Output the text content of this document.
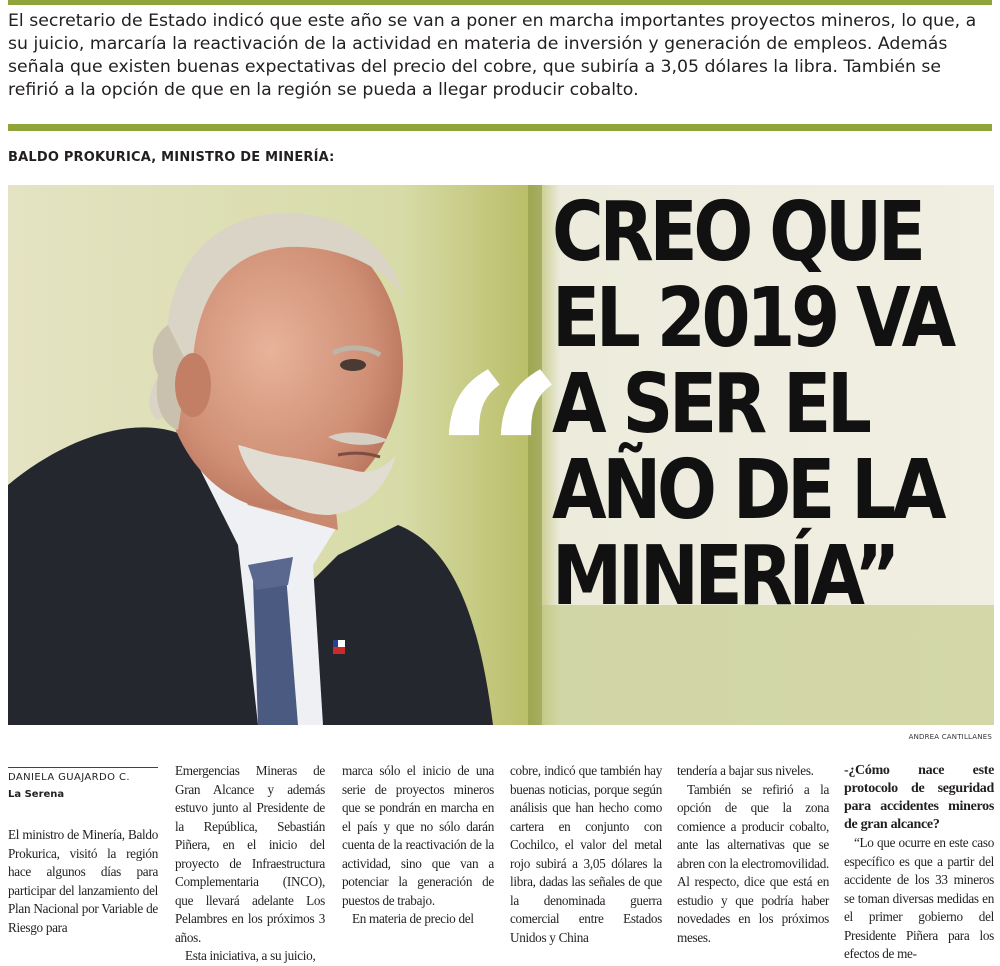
El secretario de Estado indicó que este año se van a poner en marcha importantes proyectos mineros, lo que, a su juicio, marcaría la reactivación de la actividad en materia de inversión y generación de empleos. Además señala que existen buenas expectativas del precio del cobre, que subiría a 3,05 dólares la libra. También se refirió a la opción de que en la región se pueda a llegar producir cobalto.

BALDO PROKURICA, MINISTRO DE MINERÍA:
“
CREO QUE
EL 2019 VA
A SER EL
AÑO DE LA
MINERÍA”
ANDREA CANTILLANES
DANIELA GUAJARDO C.
La Serena

El ministro de Minería, Baldo Prokurica, visitó la región hace algunos días para participar del lanzamiento del Plan Nacional por Variable de Riesgo para

Emergencias Mineras de Gran Alcance y además estuvo junto al Presidente de la República, Sebastián Piñera, en el inicio del proyecto de Infraestructura Complementaria (INCO), que llevará adelante Los Pelambres en los próximos 3 años.

Esta iniciativa, a su juicio,

marca sólo el inicio de una serie de proyectos mineros que se pondrán en marcha en el país y que no sólo darán cuenta de la reactivación de la actividad, sino que van a potenciar la generación de puestos de trabajo.

En materia de precio del

cobre, indicó que también hay buenas noticias, porque según análisis que han hecho como cartera en conjunto con Cochilco, el valor del metal rojo subirá a 3,05 dólares la libra, dadas las señales de que la denominada guerra comercial entre Estados Unidos y China

tendería a bajar sus niveles.

También se refirió a la opción de que la zona comience a producir cobalto, ante las alternativas que se abren con la electromovilidad. Al respecto, dice que está en estudio y que podría haber novedades en los próximos meses.

-¿Cómo nace este protocolo de seguridad para accidentes mineros de gran alcance?

“Lo que ocurre en este caso específico es que a partir del accidente de los 33 mineros se toman diversas medidas en el primer gobierno del Presidente Piñera para los efectos de me-
